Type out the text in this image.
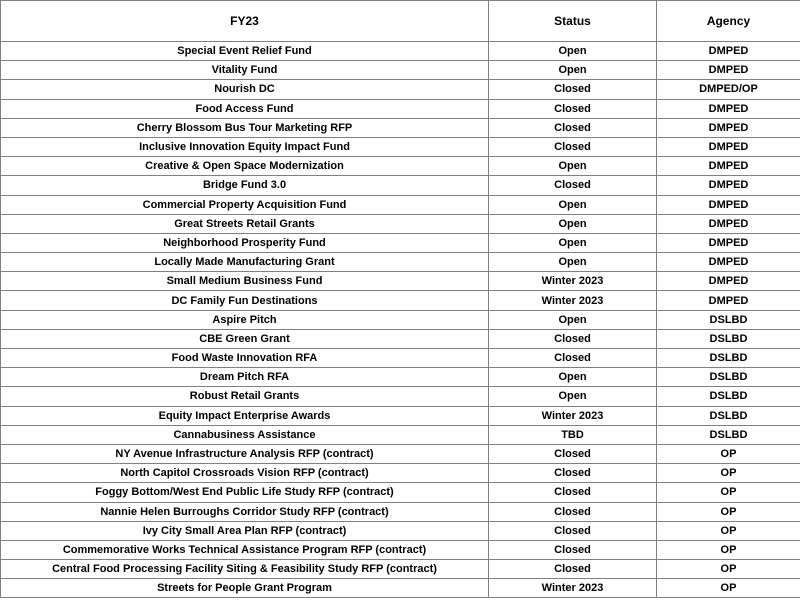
FY23	Status	Agency
Special Event Relief Fund	Open	DMPED
Vitality Fund	Open	DMPED
Nourish DC	Closed	DMPED/OP
Food Access Fund	Closed	DMPED
Cherry Blossom Bus Tour Marketing RFP	Closed	DMPED
Inclusive Innovation Equity Impact Fund	Closed	DMPED
Creative & Open Space Modernization	Open	DMPED
Bridge Fund 3.0	Closed	DMPED
Commercial Property Acquisition Fund	Open	DMPED
Great Streets Retail Grants	Open	DMPED
Neighborhood Prosperity Fund	Open	DMPED
Locally Made Manufacturing Grant	Open	DMPED
Small Medium Business Fund	Winter 2023	DMPED
DC Family Fun Destinations	Winter 2023	DMPED
Aspire Pitch	Open	DSLBD
CBE Green Grant	Closed	DSLBD
Food Waste Innovation RFA	Closed	DSLBD
Dream Pitch RFA	Open	DSLBD
Robust Retail Grants	Open	DSLBD
Equity Impact Enterprise Awards	Winter 2023	DSLBD
Cannabusiness Assistance	TBD	DSLBD
NY Avenue Infrastructure Analysis RFP (contract)	Closed	OP
North Capitol Crossroads Vision RFP (contract)	Closed	OP
Foggy Bottom/West End Public Life Study RFP (contract)	Closed	OP
Nannie Helen Burroughs Corridor Study RFP (contract)	Closed	OP
Ivy City Small Area Plan RFP (contract)	Closed	OP
Commemorative Works Technical Assistance Program RFP (contract)	Closed	OP
Central Food Processing Facility Siting & Feasibility Study RFP (contract)	Closed	OP
Streets for People Grant Program	Winter 2023	OP
